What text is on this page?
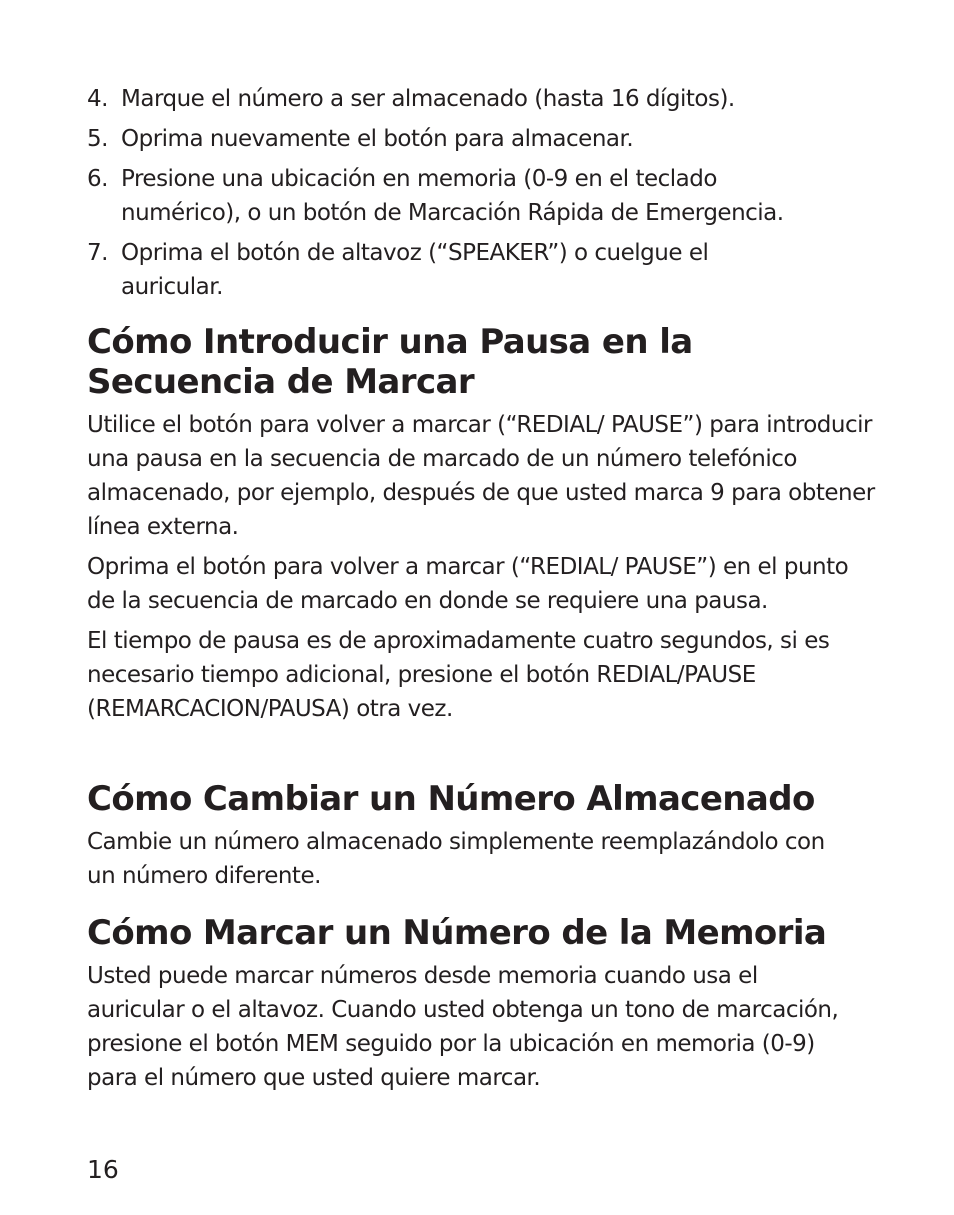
4. Marque el número a ser almacenado (hasta 16 dígitos).
5. Oprima nuevamente el botón para almacenar.
6. Presione una ubicación en memoria (0-9 en el teclado numérico), o un botón de Marcación Rápida de Emergencia.
7. Oprima el botón de altavoz (“SPEAKER”) o cuelgue el auricular.
Cómo Introducir una Pausa en la Secuencia de Marcar

Utilice el botón para volver a marcar (“REDIAL/ PAUSE”) para introducir una pausa en la secuencia de marcado de un número telefónico almacenado, por ejemplo, después de que usted marca 9 para obtener línea externa.

Oprima el botón para volver a marcar (“REDIAL/ PAUSE”) en el punto de la secuencia de marcado en donde se requiere una pausa.

El tiempo de pausa es de aproximadamente cuatro segundos, si es necesario tiempo adicional, presione el botón REDIAL/PAUSE (REMARCACION/PAUSA) otra vez.

Cómo Cambiar un Número Almacenado

Cambie un número almacenado simplemente reemplazándolo con un número diferente.

Cómo Marcar un Número de la Memoria

Usted puede marcar números desde memoria cuando usa el auricular o el altavoz. Cuando usted obtenga un tono de marcación, presione el botón MEM seguido por la ubicación en memoria (0-9) para el número que usted quiere marcar.

16
